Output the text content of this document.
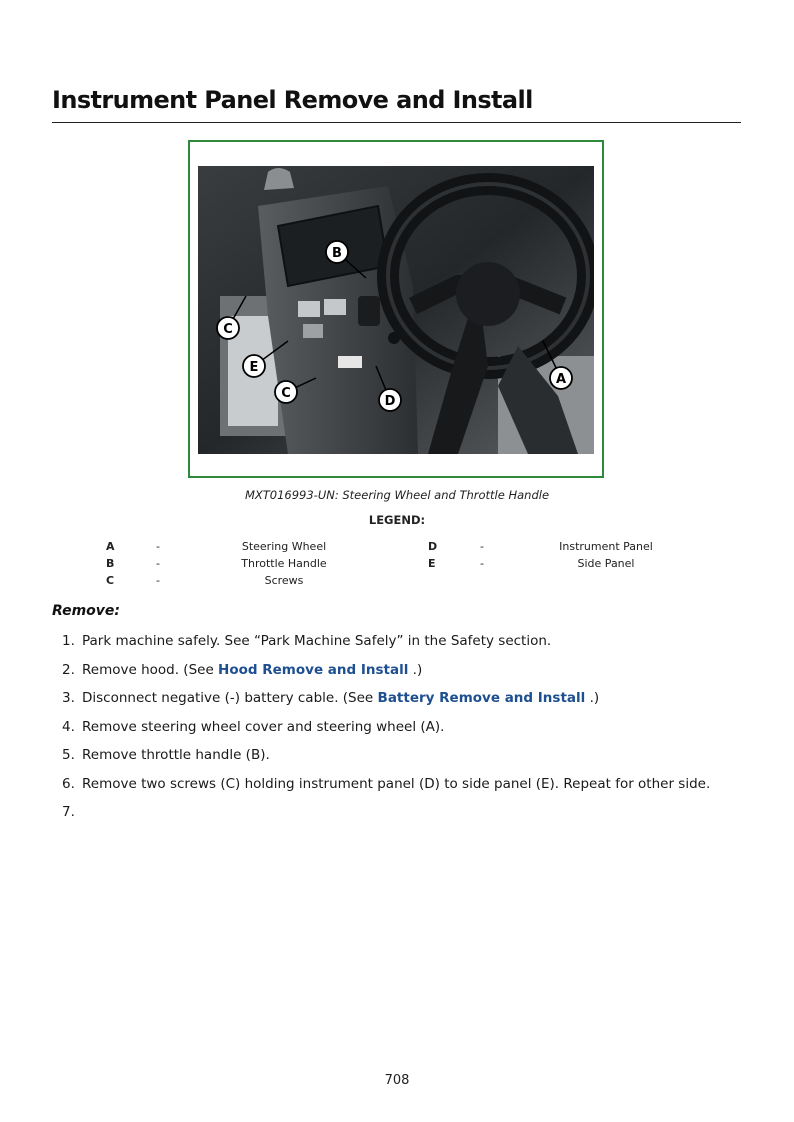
Instrument Panel Remove and Install
A
B
C
C
D
E
MXT016993-UN: Steering Wheel and Throttle Handle
LEGEND:
A	-	Steering Wheel
B	-	Throttle Handle
C	-	Screws
D	-	Instrument Panel
E	-	Side Panel
Remove:
1. Park machine safely. See “Park Machine Safely” in the Safety section.
2. Remove hood. (See Hood Remove and Install .)
3. Disconnect negative (-) battery cable. (See Battery Remove and Install .)
4. Remove steering wheel cover and steering wheel (A).
5. Remove throttle handle (B).
6. Remove two screws (C) holding instrument panel (D) to side panel (E). Repeat for other side.
7.
708
